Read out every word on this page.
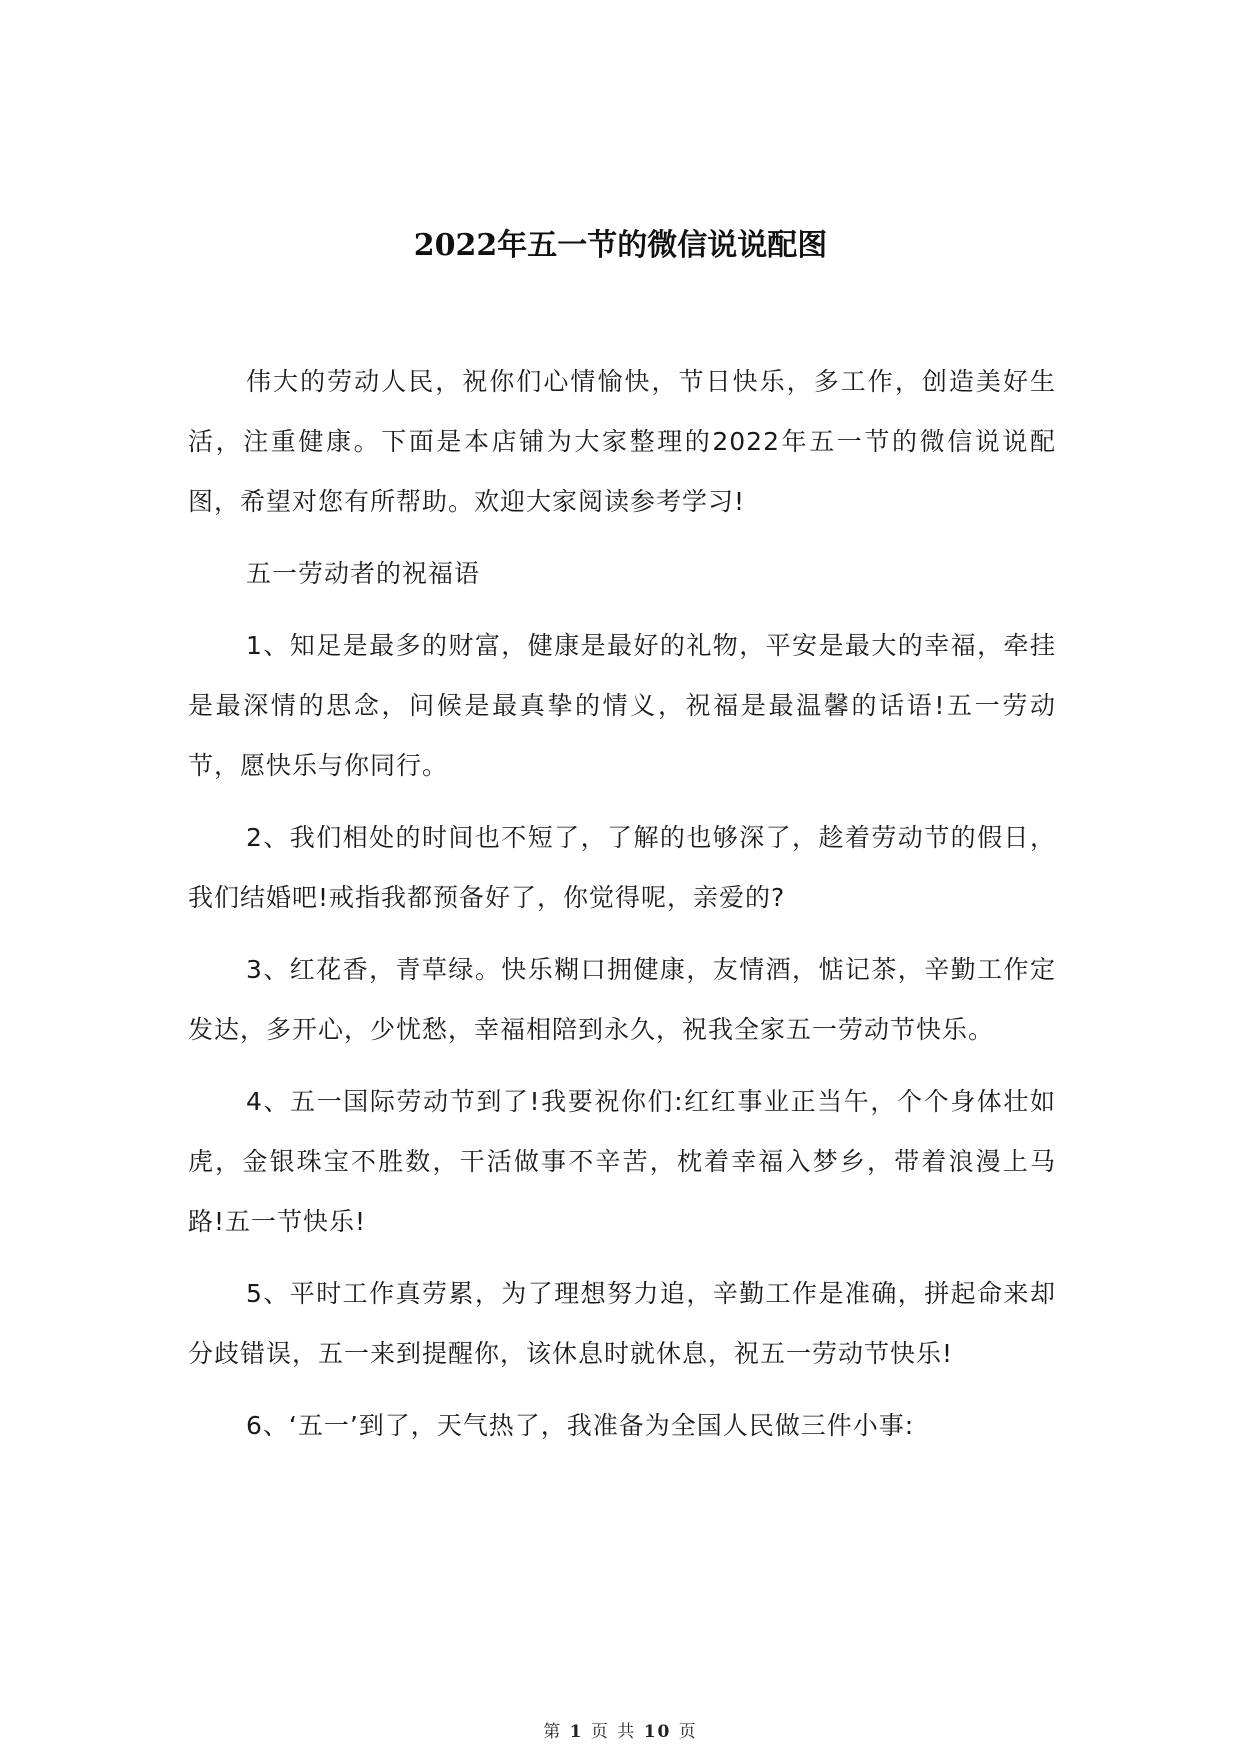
2022年五一节的微信说说配图

伟大的劳动人民，祝你们心情愉快，节日快乐，多工作，创造美好生活，注重健康。下面是本店铺为大家整理的2022年五一节的微信说说配图，希望对您有所帮助。欢迎大家阅读参考学习!

五一劳动者的祝福语

1、知足是最多的财富，健康是最好的礼物，平安是最大的幸福，牵挂是最深情的思念，问候是最真挚的情义，祝福是最温馨的话语!五一劳动节，愿快乐与你同行。

2、我们相处的时间也不短了，了解的也够深了，趁着劳动节的假日，我们结婚吧!戒指我都预备好了，你觉得呢，亲爱的?

3、红花香，青草绿。快乐糊口拥健康，友情酒，惦记茶，辛勤工作定发达，多开心，少忧愁，幸福相陪到永久，祝我全家五一劳动节快乐。

4、五一国际劳动节到了!我要祝你们:红红事业正当午，个个身体壮如虎，金银珠宝不胜数，干活做事不辛苦，枕着幸福入梦乡，带着浪漫上马路!五一节快乐!

5、平时工作真劳累，为了理想努力追，辛勤工作是准确，拼起命来却分歧错误，五一来到提醒你，该休息时就休息，祝五一劳动节快乐!

6、‘五一’到了，天气热了，我准备为全国人民做三件小事:

第 1 页 共 10 页
